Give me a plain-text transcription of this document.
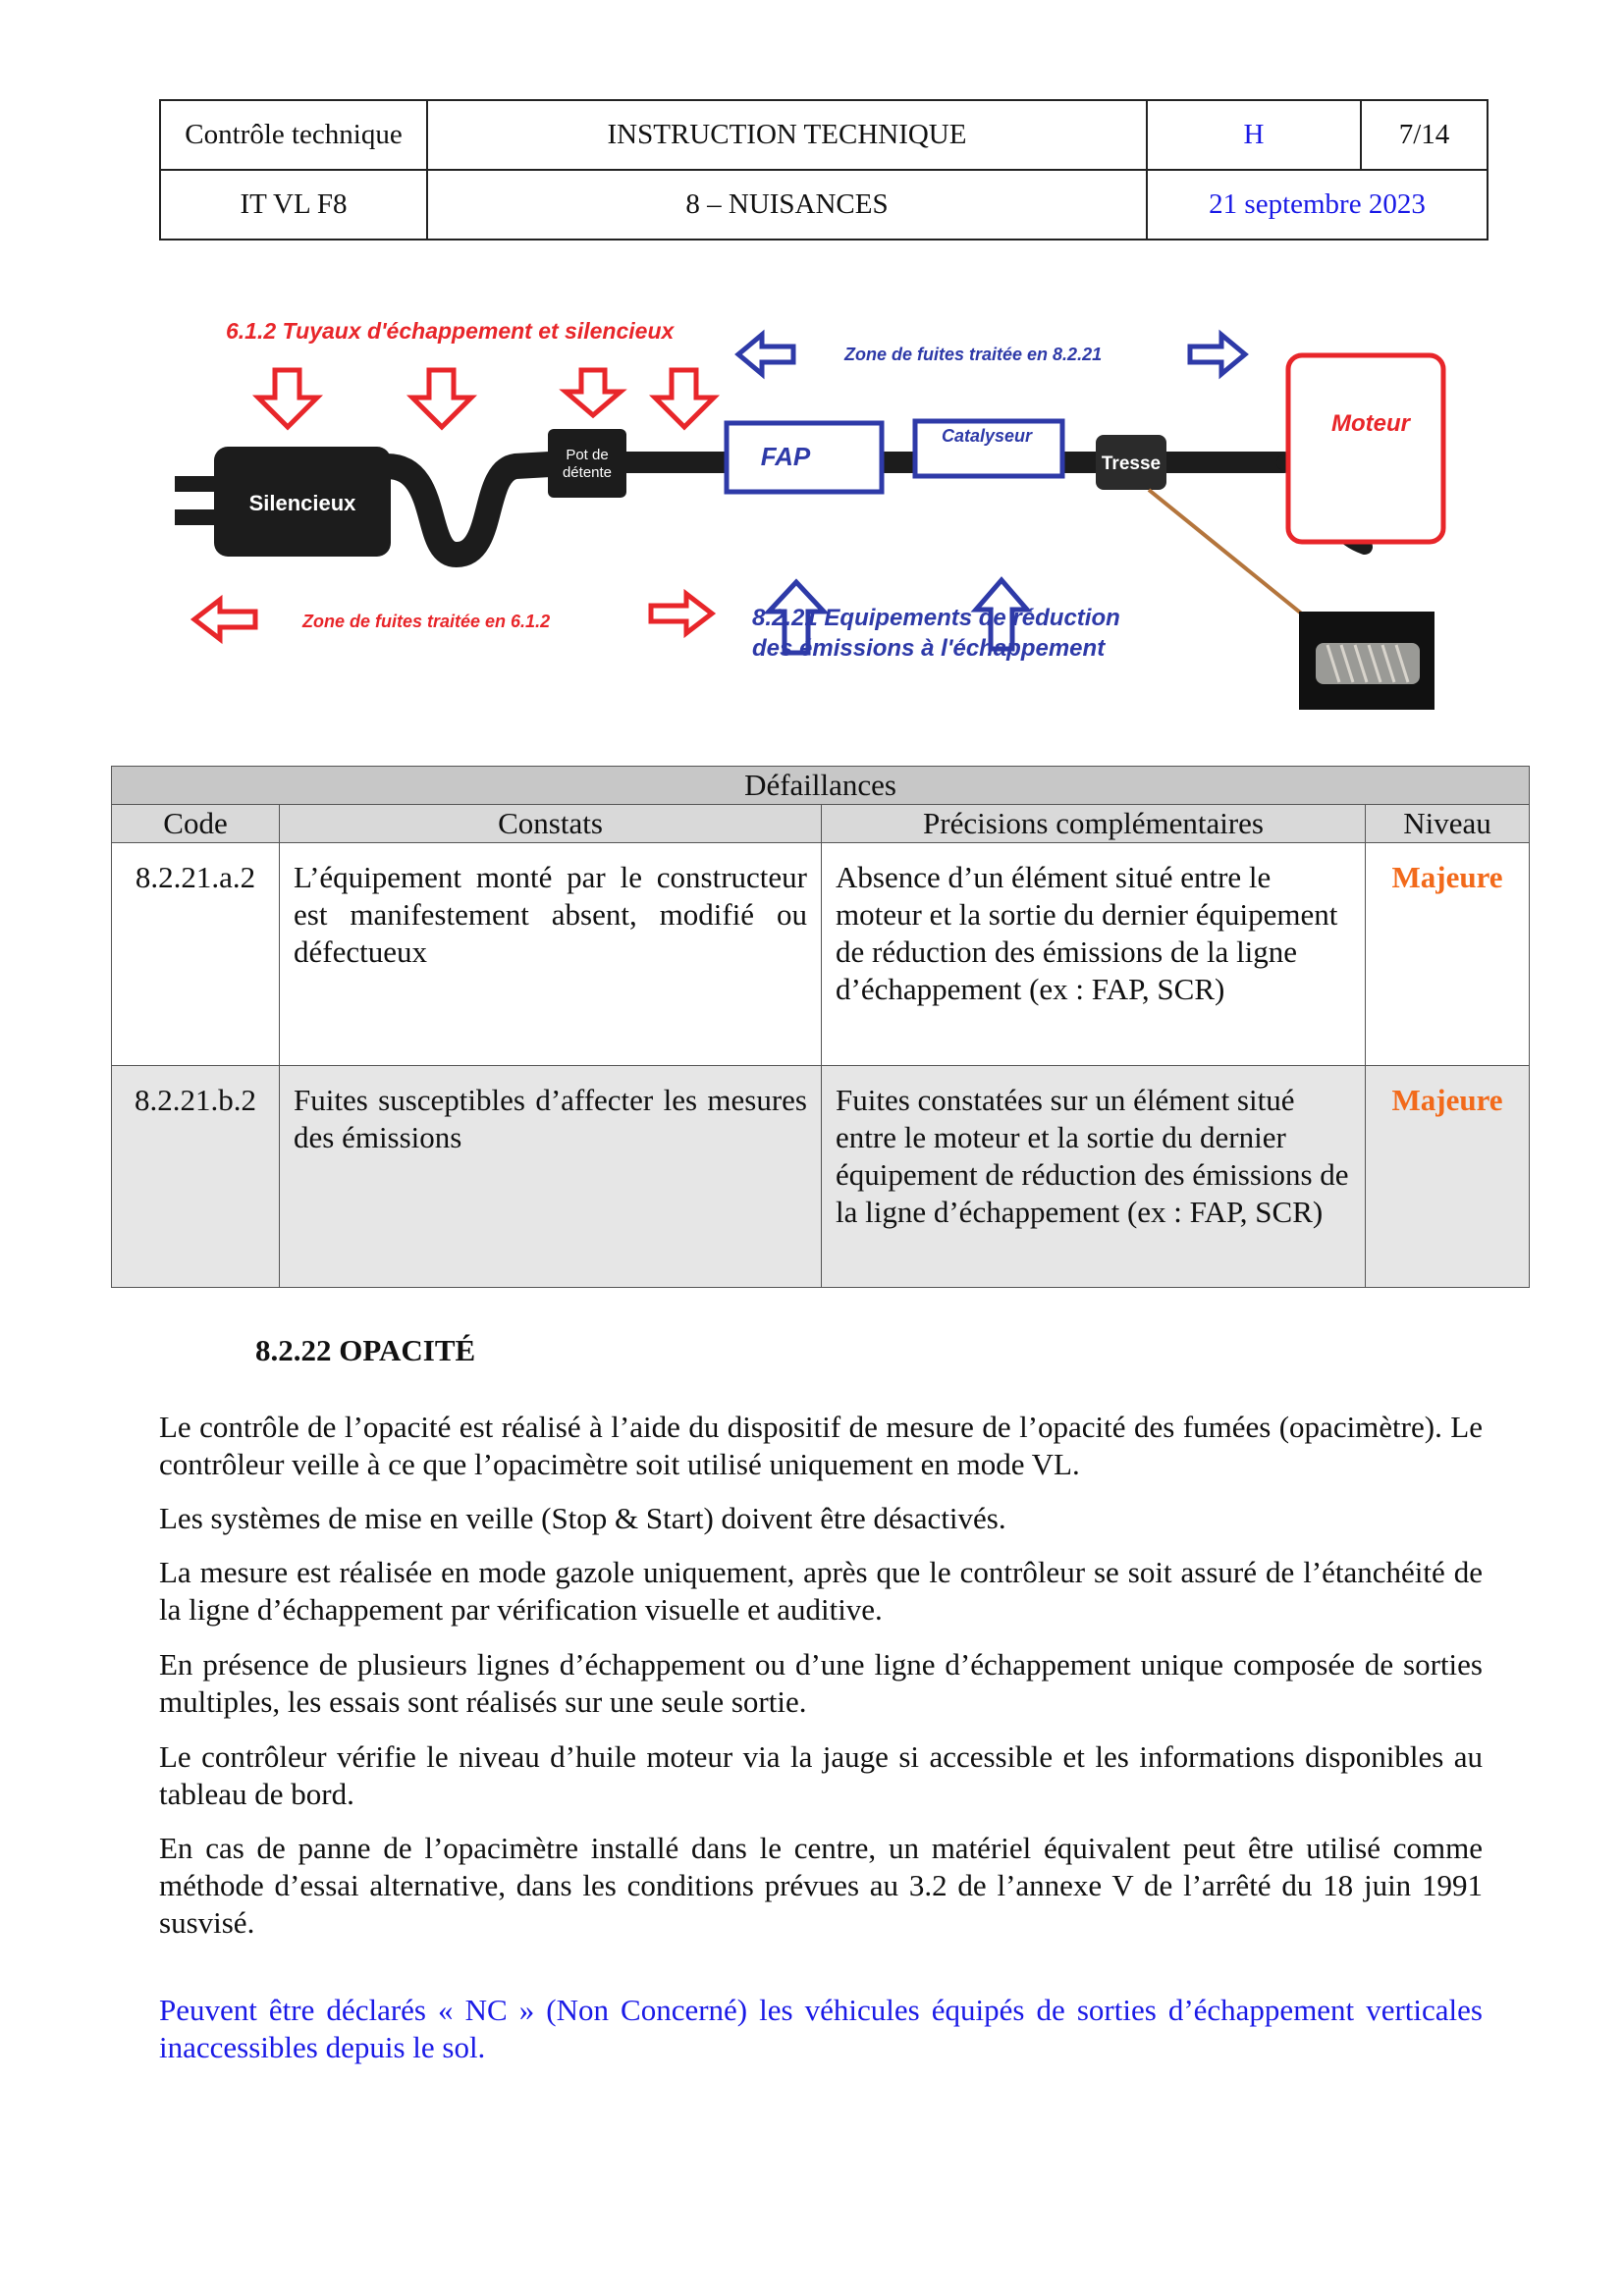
Contrôle technique	INSTRUCTION TECHNIQUE	H	7/14
IT VL F8	8 – NUISANCES	21 septembre 2023	
6.1.2 Tuyaux d'échappement et silencieux
Zone de fuites traitée en 8.2.21
Silencieux
Pot de
détente
FAP
Catalyseur
Tresse
Moteur
Zone de fuites traitée en 6.1.2	8.2.21 Equipements de réduction
des émissions à l'échappement
Défaillances			
Code	Constats	Précisions complémentaires	Niveau
8.2.21.a.2	L’équipement monté par le constructeur est manifestement absent, modifié ou défectueux	Absence d’un élément situé entre le moteur et la sortie du dernier équipement de réduction des émissions de la ligne d’échappement (ex : FAP, SCR)	Majeure
8.2.21.b.2	Fuites susceptibles d’affecter les mesures des émissions	Fuites constatées sur un élément situé entre le moteur et la sortie du dernier équipement de réduction des émissions de la ligne d’échappement (ex : FAP, SCR)	Majeure
8.2.22 OPACITÉ

Le contrôle de l’opacité est réalisé à l’aide du dispositif de mesure de l’opacité des fumées (opacimètre). Le contrôleur veille à ce que l’opacimètre soit utilisé uniquement en mode VL.

Les systèmes de mise en veille (Stop & Start) doivent être désactivés.

La mesure est réalisée en mode gazole uniquement, après que le contrôleur se soit assuré de l’étanchéité de la ligne d’échappement par vérification visuelle et auditive.

En présence de plusieurs lignes d’échappement ou d’une ligne d’échappement unique composée de sorties multiples, les essais sont réalisés sur une seule sortie.

Le contrôleur vérifie le niveau d’huile moteur via la jauge si accessible et les informations disponibles au tableau de bord.

En cas de panne de l’opacimètre installé dans le centre, un matériel équivalent peut être utilisé comme méthode d’essai alternative, dans les conditions prévues au 3.2 de l’annexe V de l’arrêté du 18 juin 1991 susvisé.

Peuvent être déclarés « NC » (Non Concerné) les véhicules équipés de sorties d’échappement verticales inaccessibles depuis le sol.
